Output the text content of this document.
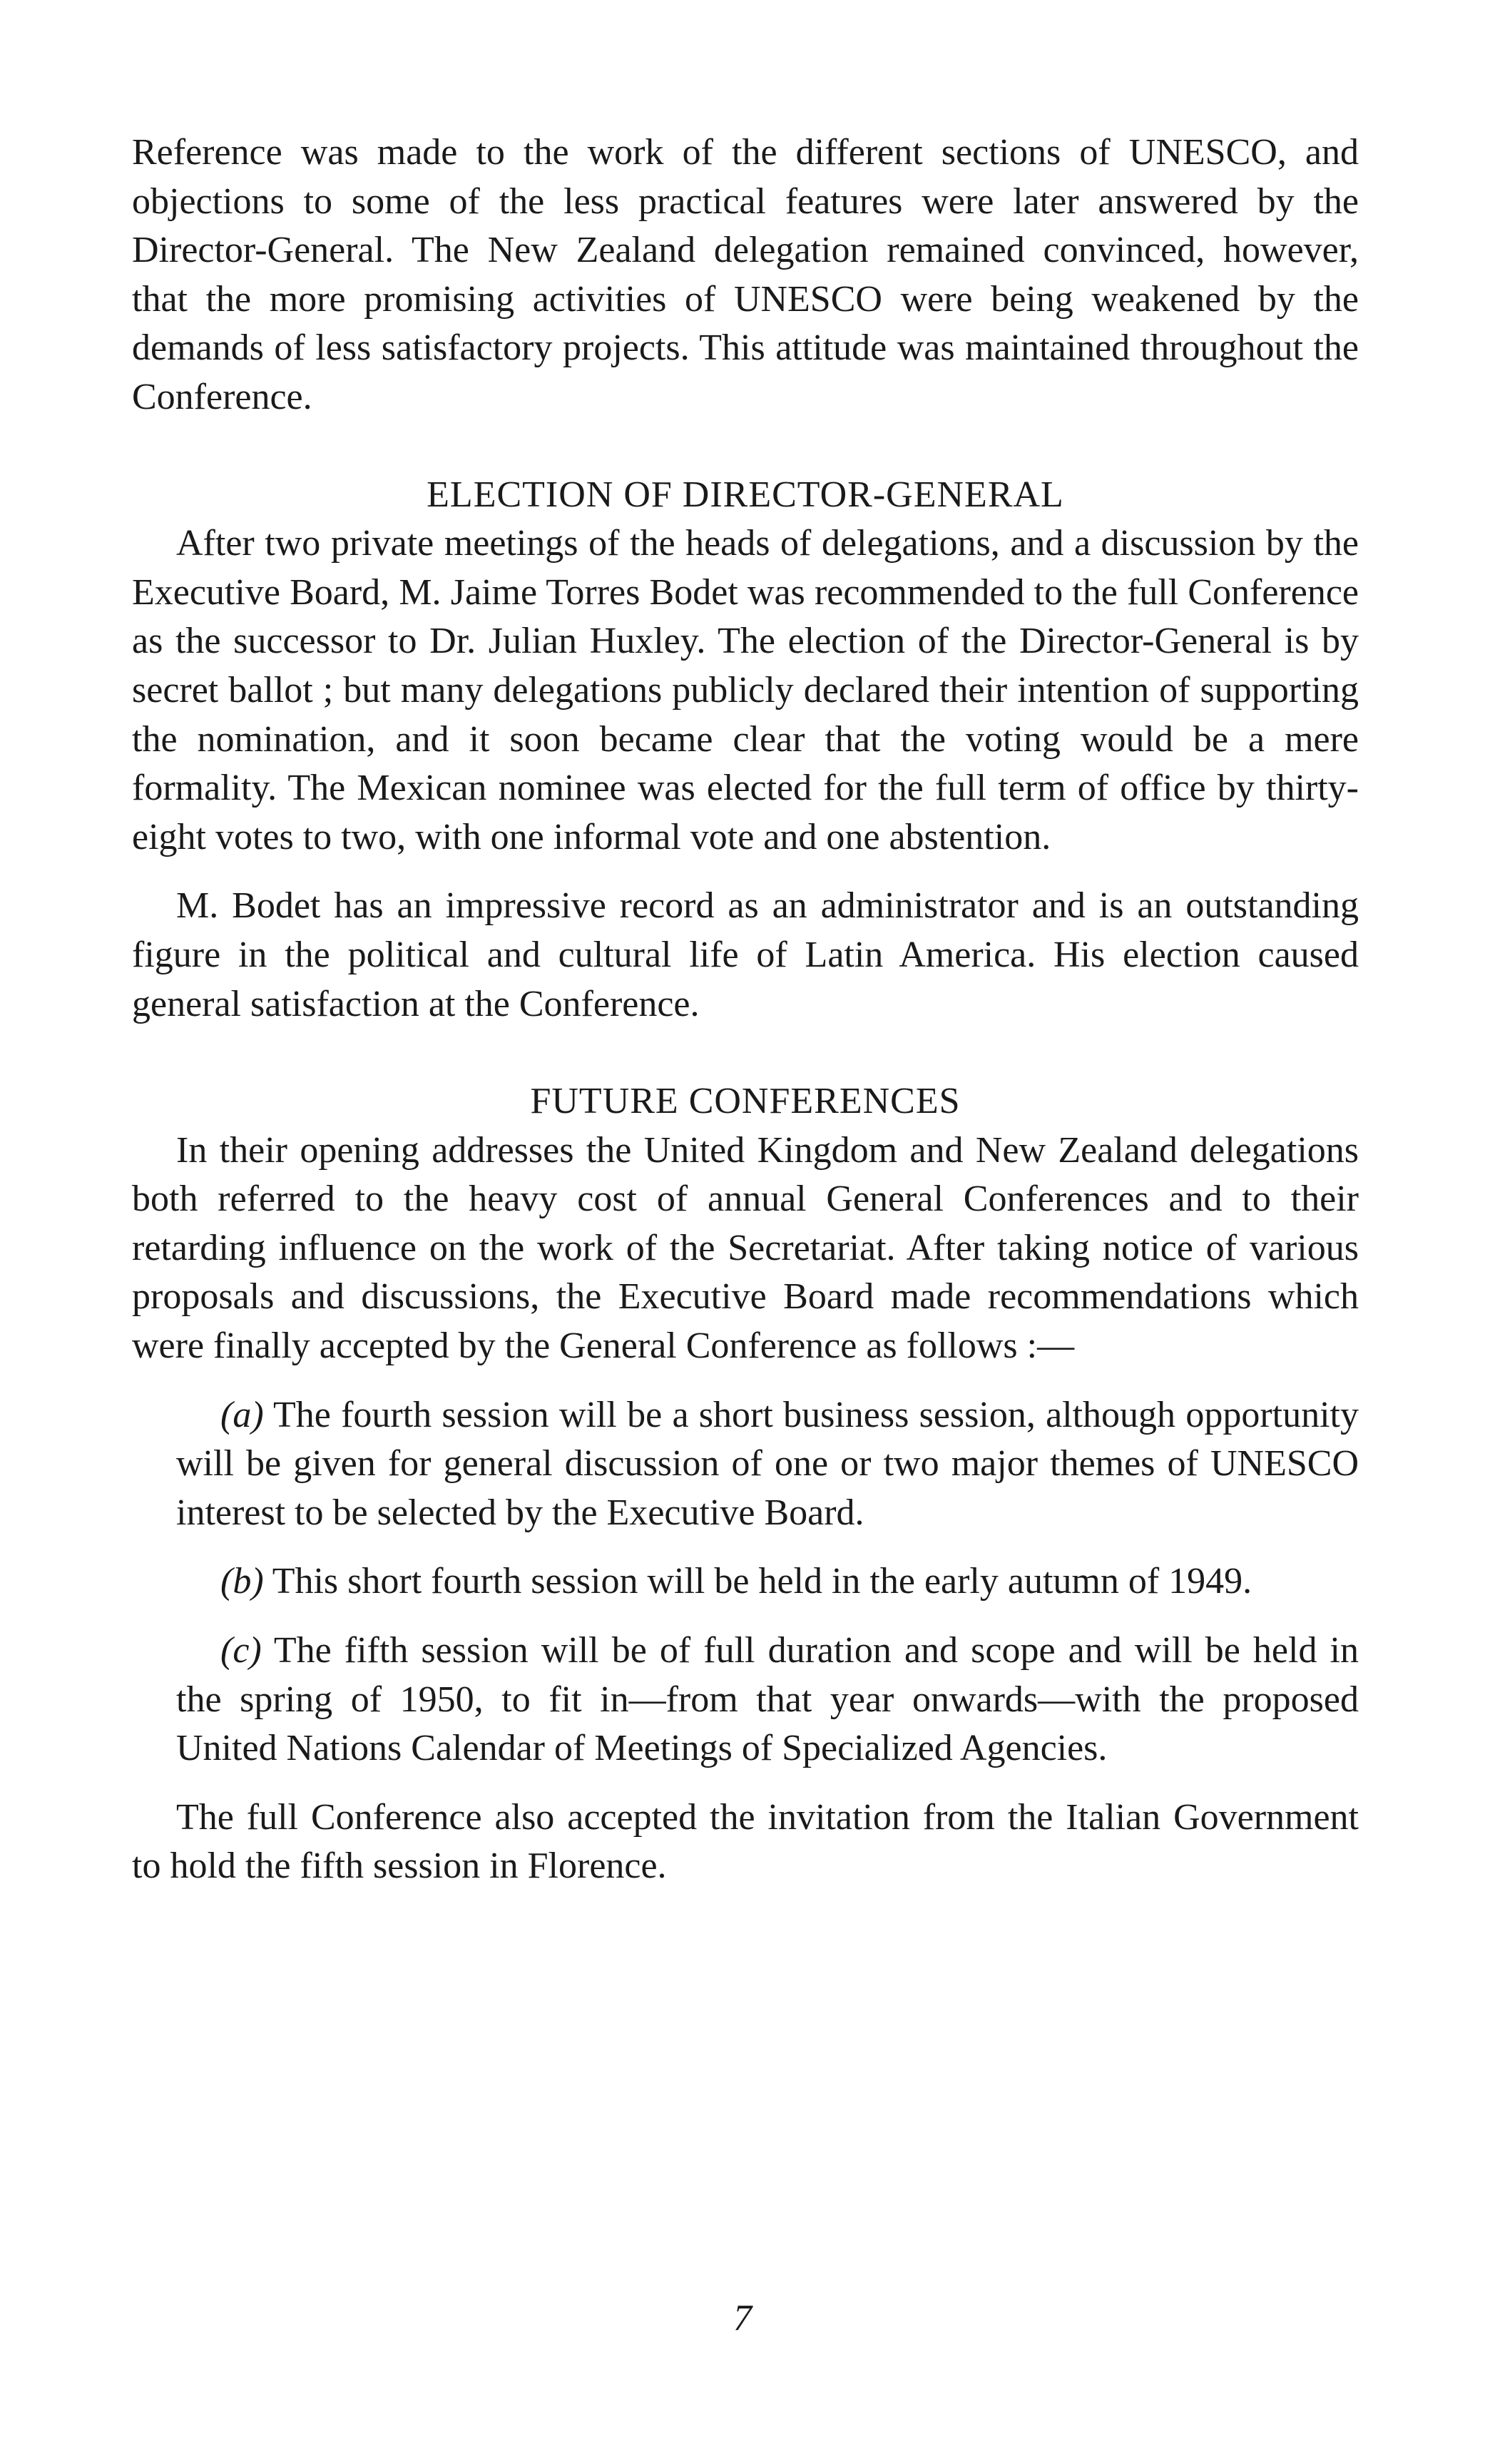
Reference was made to the work of the different sections of UNESCO, and objections to some of the less practical features were later answered by the Director-General. The New Zealand delegation remained convinced, however, that the more promising activities of UNESCO were being weakened by the demands of less satisfactory projects. This attitude was maintained throughout the Conference.

ELECTION OF DIRECTOR-GENERAL

After two private meetings of the heads of delegations, and a discussion by the Executive Board, M. Jaime Torres Bodet was recommended to the full Conference as the successor to Dr. Julian Huxley. The election of the Director-General is by secret ballot ; but many delegations publicly declared their intention of supporting the nomination, and it soon became clear that the voting would be a mere formality. The Mexican nominee was elected for the full term of office by thirty-eight votes to two, with one informal vote and one abstention.

M. Bodet has an impressive record as an administrator and is an outstanding figure in the political and cultural life of Latin America. His election caused general satisfaction at the Conference.

FUTURE CONFERENCES

In their opening addresses the United Kingdom and New Zealand delegations both referred to the heavy cost of annual General Conferences and to their retarding influence on the work of the Secretariat. After taking notice of various proposals and discussions, the Executive Board made recommendations which were finally accepted by the General Conference as follows :—

(a) The fourth session will be a short business session, although opportunity will be given for general discussion of one or two major themes of UNESCO interest to be selected by the Executive Board.

(b) This short fourth session will be held in the early autumn of 1949.

(c) The fifth session will be of full duration and scope and will be held in the spring of 1950, to fit in—from that year onwards—with the proposed United Nations Calendar of Meetings of Specialized Agencies.

The full Conference also accepted the invitation from the Italian Government to hold the fifth session in Florence.

7
